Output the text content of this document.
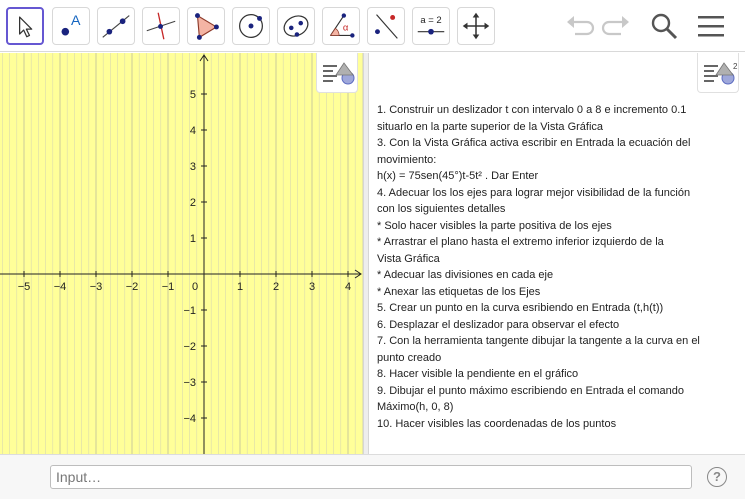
A	α
a = 2
−5 −4 −3 −2 −1 0	1	2	3	4
5
4
3
2
1
−1
−2
−3
−4
2

1. Construir un deslizador t con intervalo 0 a 8 e incremento 0.1

situarlo en la parte superior de la Vista Gráfica

3. Con la Vista Gráfica activa escribir en Entrada la ecuación del

movimiento:

h(x) = 75sen(45°)t-5t² . Dar Enter

4. Adecuar los los ejes para lograr mejor visibilidad de la función

con los siguientes detalles

* Solo hacer visibles la parte positiva de los ejes

* Arrastrar el plano hasta el extremo inferior izquierdo de la

Vista Gráfica

* Adecuar las divisiones en cada eje

* Anexar las etiquetas de los Ejes

5. Crear un punto en la curva esribiendo en Entrada (t,h(t))

6. Desplazar el deslizador para observar el efecto

7. Con la herramienta tangente dibujar la tangente a la curva en el

punto creado

8. Hacer visible la pendiente en el gráfico

9. Dibujar el punto máximo escribiendo en Entrada el comando

Máximo(h, 0, 8)

10. Hacer visibles las coordenadas de los puntos

Input…
?
